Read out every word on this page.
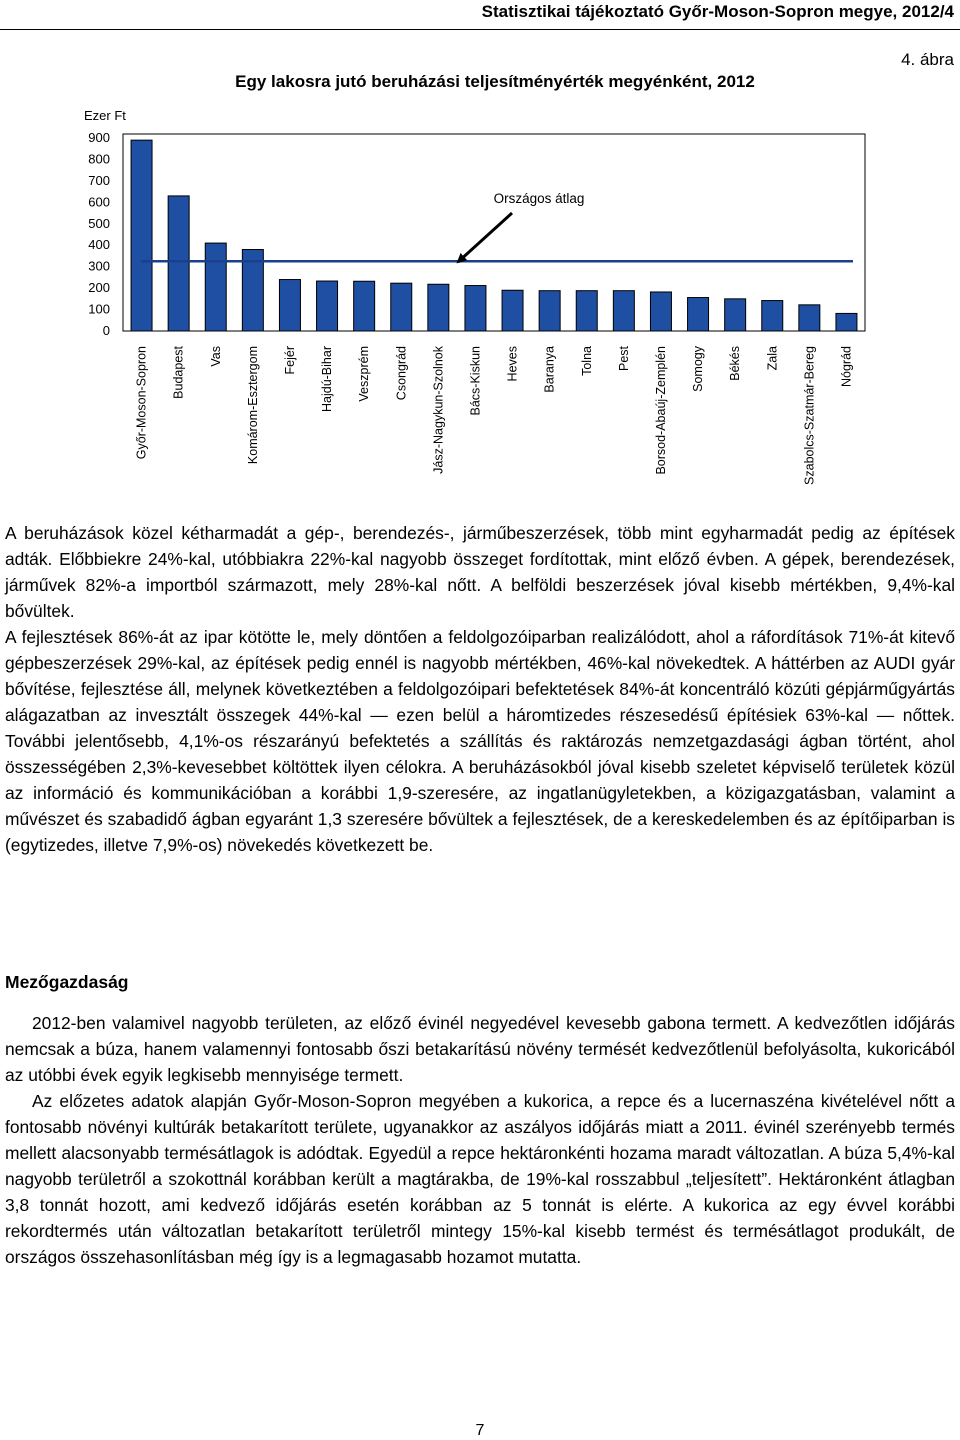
Statisztikai tájékoztató Győr-Moson-Sopron megye, 2012/4
4. ábra
Egy lakosra jutó beruházási teljesítményérték megyénként, 2012
Ezer Ft
900
800
700
600
500
400
300
200
100
0
Győr-Moson-Sopron Budapest Vas Komárom-Esztergom Fejér Hajdú-Bihar Veszprém Csongrád Jász-Nagykun-Szolnok Bács-Kiskun Heves Baranya Tolna Pest Borsod-Abaúj-Zemplén Somogy Békés Zala Szabolcs-Szatmár-Bereg Nógrád
Országos átlag

A beruházások közel kétharmadát a gép-, berendezés-, járműbeszerzések, több mint egyharmadát pedig az építések adták. Előbbiekre 24%-kal, utóbbiakra 22%-kal nagyobb összeget fordítottak, mint előző évben. A gépek, berendezések, járművek 82%-a importból származott, mely 28%-kal nőtt. A belföldi beszerzések jóval kisebb mértékben, 9,4%-kal bővültek.

A fejlesztések 86%-át az ipar kötötte le, mely döntően a feldolgozóiparban realizálódott, ahol a ráfordítások 71%-át kitevő gépbeszerzések 29%-kal, az építések pedig ennél is nagyobb mértékben, 46%-kal növekedtek. A háttérben az AUDI gyár bővítése, fejlesztése áll, melynek következtében a feldolgozóipari befektetések 84%-át koncentráló közúti gépjárműgyártás alágazatban az invesztált összegek 44%-kal — ezen belül a háromtizedes részesedésű építésiek 63%-kal — nőttek. További jelentősebb, 4,1%-os részarányú befektetés a szállítás és raktározás nemzetgazdasági ágban történt, ahol összességében 2,3%-kevesebbet költöttek ilyen célokra. A beruházásokból jóval kisebb szeletet képviselő területek közül az információ és kommunikációban a korábbi 1,9-szeresére, az ingatlanügyletekben, a közigazgatásban, valamint a művészet és szabadidő ágban egyaránt 1,3 szeresére bővültek a fejlesztések, de a kereskedelemben és az építőiparban is (egytizedes, illetve 7,9%-os) növekedés következett be.

Mezőgazdaság

2012-ben valamivel nagyobb területen, az előző évinél negyedével kevesebb gabona termett. A kedvezőtlen időjárás nemcsak a búza, hanem valamennyi fontosabb őszi betakarítású növény termését kedvezőtlenül befolyásolta, kukoricából az utóbbi évek egyik legkisebb mennyisége termett.

Az előzetes adatok alapján Győr-Moson-Sopron megyében a kukorica, a repce és a lucernaszéna kivételével nőtt a fontosabb növényi kultúrák betakarított területe, ugyanakkor az aszályos időjárás miatt a 2011. évinél szerényebb termés mellett alacsonyabb termésátlagok is adódtak. Egyedül a repce hektáronkénti hozama maradt változatlan. A búza 5,4%-kal nagyobb területről a szokottnál korábban került a magtárakba, de 19%-kal rosszabbul „teljesített”. Hektáronként átlagban 3,8 tonnát hozott, ami kedvező időjárás esetén korábban az 5 tonnát is elérte. A kukorica az egy évvel korábbi rekordtermés után változatlan betakarított területről mintegy 15%-kal kisebb termést és termésátlagot produkált, de országos összehasonlításban még így is a legmagasabb hozamot mutatta.

7
